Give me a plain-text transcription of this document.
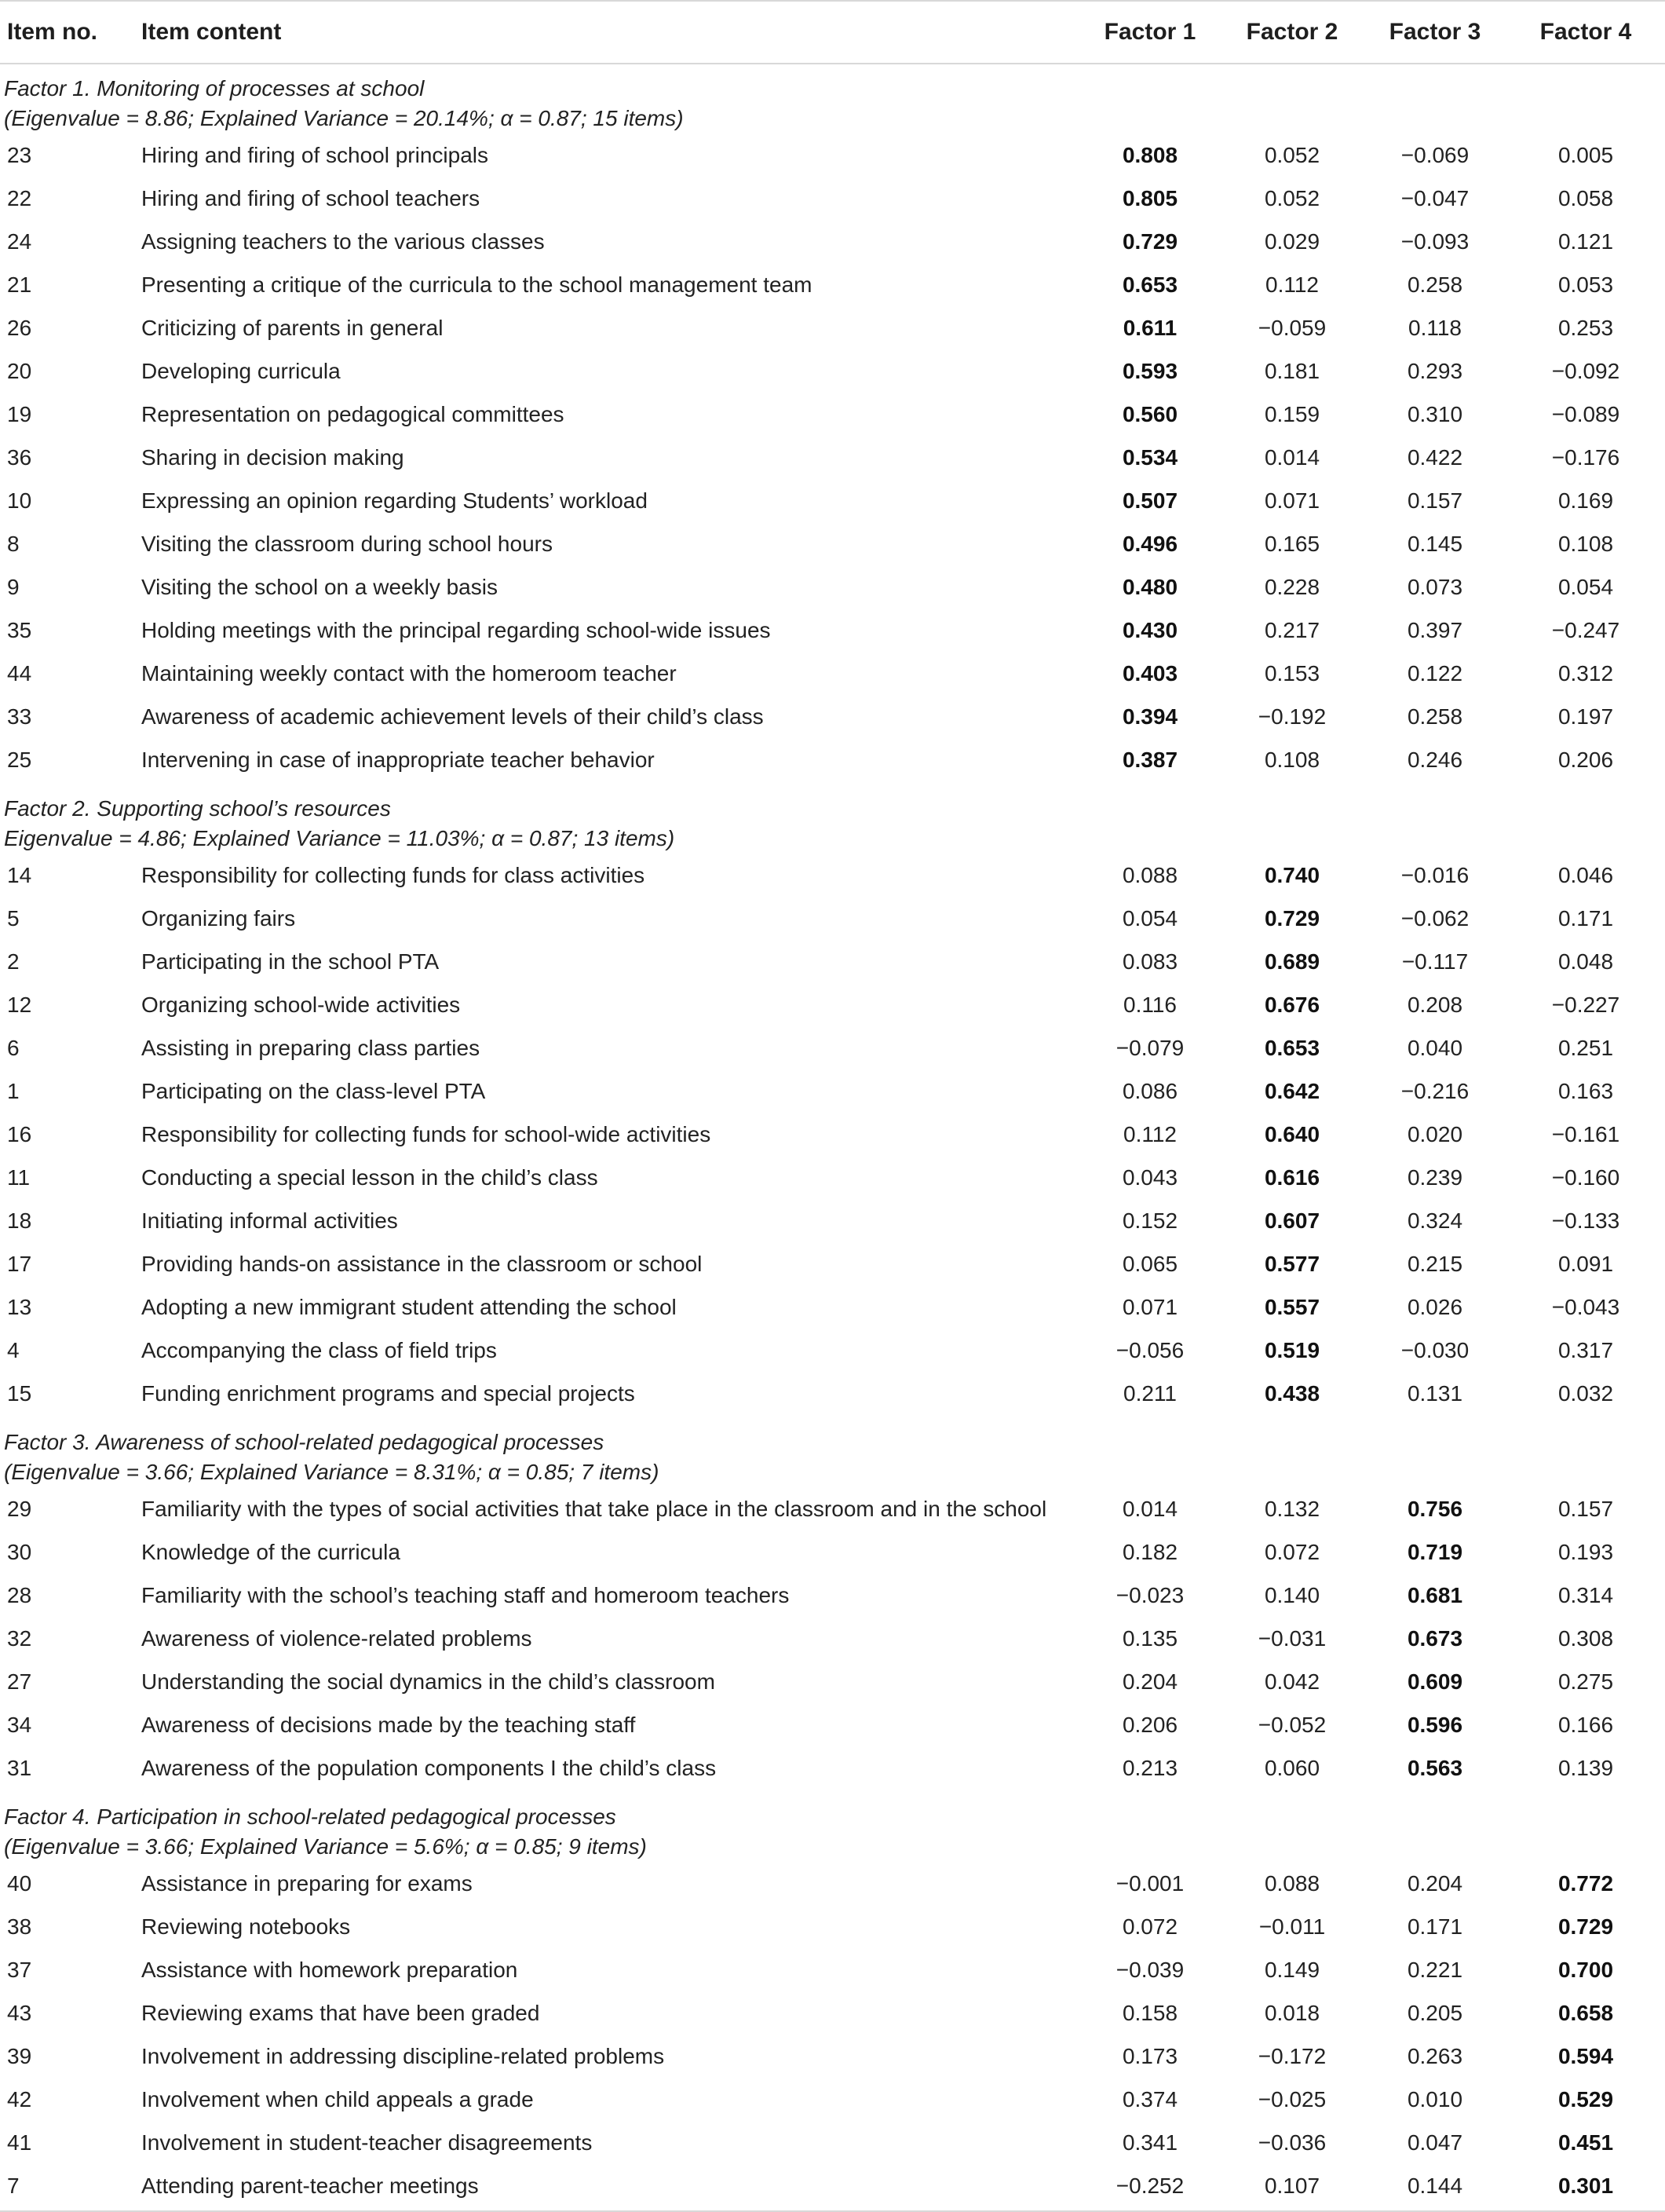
Item no.	Item content	Factor 1	Factor 2	Factor 3	Factor 4

Factor 1. Monitoring of processes at school
(Eigenvalue = 8.86; Explained Variance = 20.14%; α = 0.87; 15 items)					

23	Hiring and firing of school principals	0.808	0.052	−0.069	0.005
22	Hiring and firing of school teachers	0.805	0.052	−0.047	0.058
24	Assigning teachers to the various classes	0.729	0.029	−0.093	0.121
21	Presenting a critique of the curricula to the school management team	0.653	0.112	0.258	0.053
26	Criticizing of parents in general	0.611	−0.059	0.118	0.253
20	Developing curricula	0.593	0.181	0.293	−0.092
19	Representation on pedagogical committees	0.560	0.159	0.310	−0.089
36	Sharing in decision making	0.534	0.014	0.422	−0.176
10	Expressing an opinion regarding Students’ workload	0.507	0.071	0.157	0.169
8	Visiting the classroom during school hours	0.496	0.165	0.145	0.108
9	Visiting the school on a weekly basis	0.480	0.228	0.073	0.054
35	Holding meetings with the principal regarding school-wide issues	0.430	0.217	0.397	−0.247
44	Maintaining weekly contact with the homeroom teacher	0.403	0.153	0.122	0.312
33	Awareness of academic achievement levels of their child’s class	0.394	−0.192	0.258	0.197
25	Intervening in case of inappropriate teacher behavior	0.387	0.108	0.246	0.206

Factor 2. Supporting school’s resources
Eigenvalue = 4.86; Explained Variance = 11.03%; α = 0.87; 13 items)					

14	Responsibility for collecting funds for class activities	0.088	0.740	−0.016	0.046
5	Organizing fairs	0.054	0.729	−0.062	0.171
2	Participating in the school PTA	0.083	0.689	−0.117	0.048
12	Organizing school-wide activities	0.116	0.676	0.208	−0.227
6	Assisting in preparing class parties	−0.079	0.653	0.040	0.251
1	Participating on the class-level PTA	0.086	0.642	−0.216	0.163
16	Responsibility for collecting funds for school-wide activities	0.112	0.640	0.020	−0.161
11	Conducting a special lesson in the child’s class	0.043	0.616	0.239	−0.160
18	Initiating informal activities	0.152	0.607	0.324	−0.133
17	Providing hands-on assistance in the classroom or school	0.065	0.577	0.215	0.091
13	Adopting a new immigrant student attending the school	0.071	0.557	0.026	−0.043
4	Accompanying the class of field trips	−0.056	0.519	−0.030	0.317
15	Funding enrichment programs and special projects	0.211	0.438	0.131	0.032

Factor 3. Awareness of school-related pedagogical processes
(Eigenvalue = 3.66; Explained Variance = 8.31%; α = 0.85; 7 items)					

29	Familiarity with the types of social activities that take place in the classroom and in the school	0.014	0.132	0.756	0.157
30	Knowledge of the curricula	0.182	0.072	0.719	0.193
28	Familiarity with the school’s teaching staff and homeroom teachers	−0.023	0.140	0.681	0.314
32	Awareness of violence-related problems	0.135	−0.031	0.673	0.308
27	Understanding the social dynamics in the child’s classroom	0.204	0.042	0.609	0.275
34	Awareness of decisions made by the teaching staff	0.206	−0.052	0.596	0.166
31	Awareness of the population components I the child’s class	0.213	0.060	0.563	0.139

Factor 4. Participation in school-related pedagogical processes
(Eigenvalue = 3.66; Explained Variance = 5.6%; α = 0.85; 9 items)					

40	Assistance in preparing for exams	−0.001	0.088	0.204	0.772
38	Reviewing notebooks	0.072	−0.011	0.171	0.729
37	Assistance with homework preparation	−0.039	0.149	0.221	0.700
43	Reviewing exams that have been graded	0.158	0.018	0.205	0.658
39	Involvement in addressing discipline-related problems	0.173	−0.172	0.263	0.594
42	Involvement when child appeals a grade	0.374	−0.025	0.010	0.529
41	Involvement in student-teacher disagreements	0.341	−0.036	0.047	0.451
7	Attending parent-teacher meetings	−0.252	0.107	0.144	0.301
